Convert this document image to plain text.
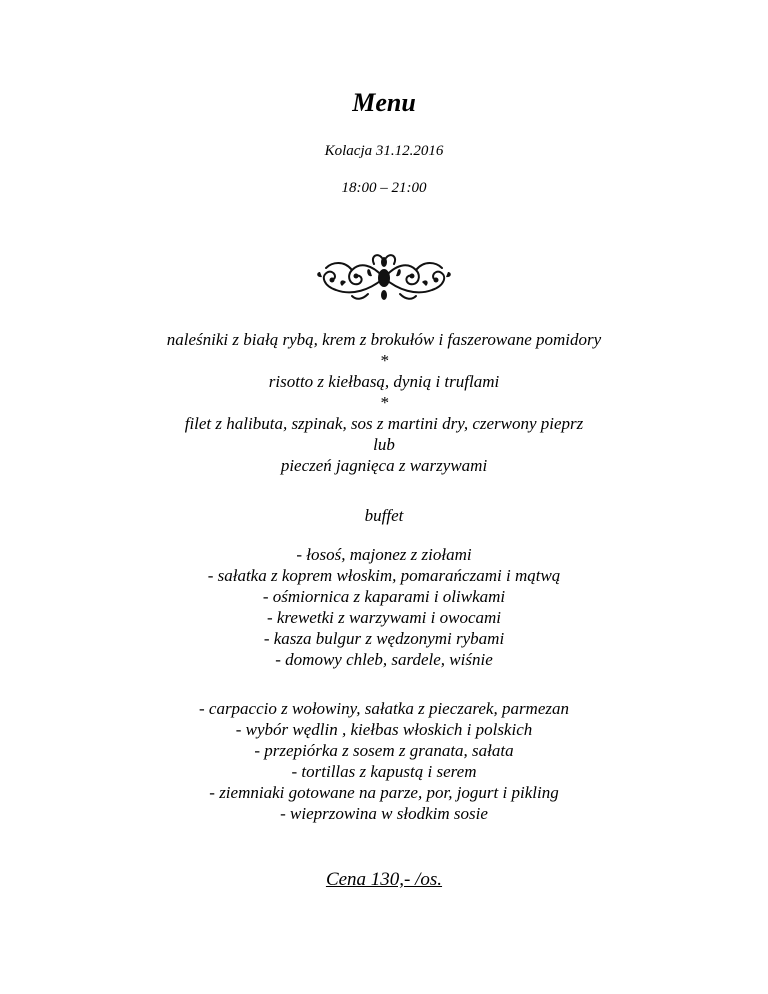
Menu
Kolacja 31.12.2016
18:00 – 21:00
naleśniki z białą rybą, krem z brokułów i faszerowane pomidory
*
risotto z kiełbasą, dynią i truflami
*
filet z halibuta, szpinak, sos z martini dry, czerwony pieprz
lub
pieczeń jagnięca z warzywami
buffet
- łosoś, majonez z ziołami
- sałatka z koprem włoskim, pomarańczami i mątwą
- ośmiornica z kaparami i oliwkami
- krewetki z warzywami i owocami
- kasza bulgur z wędzonymi rybami
- domowy chleb, sardele, wiśnie
- carpaccio z wołowiny, sałatka z pieczarek, parmezan
- wybór wędlin , kiełbas włoskich i polskich
- przepiórka z sosem z granata, sałata
- tortillas z kapustą i serem
- ziemniaki gotowane na parze, por, jogurt i pikling
- wieprzowina w słodkim sosie
Cena 130,- /os.
